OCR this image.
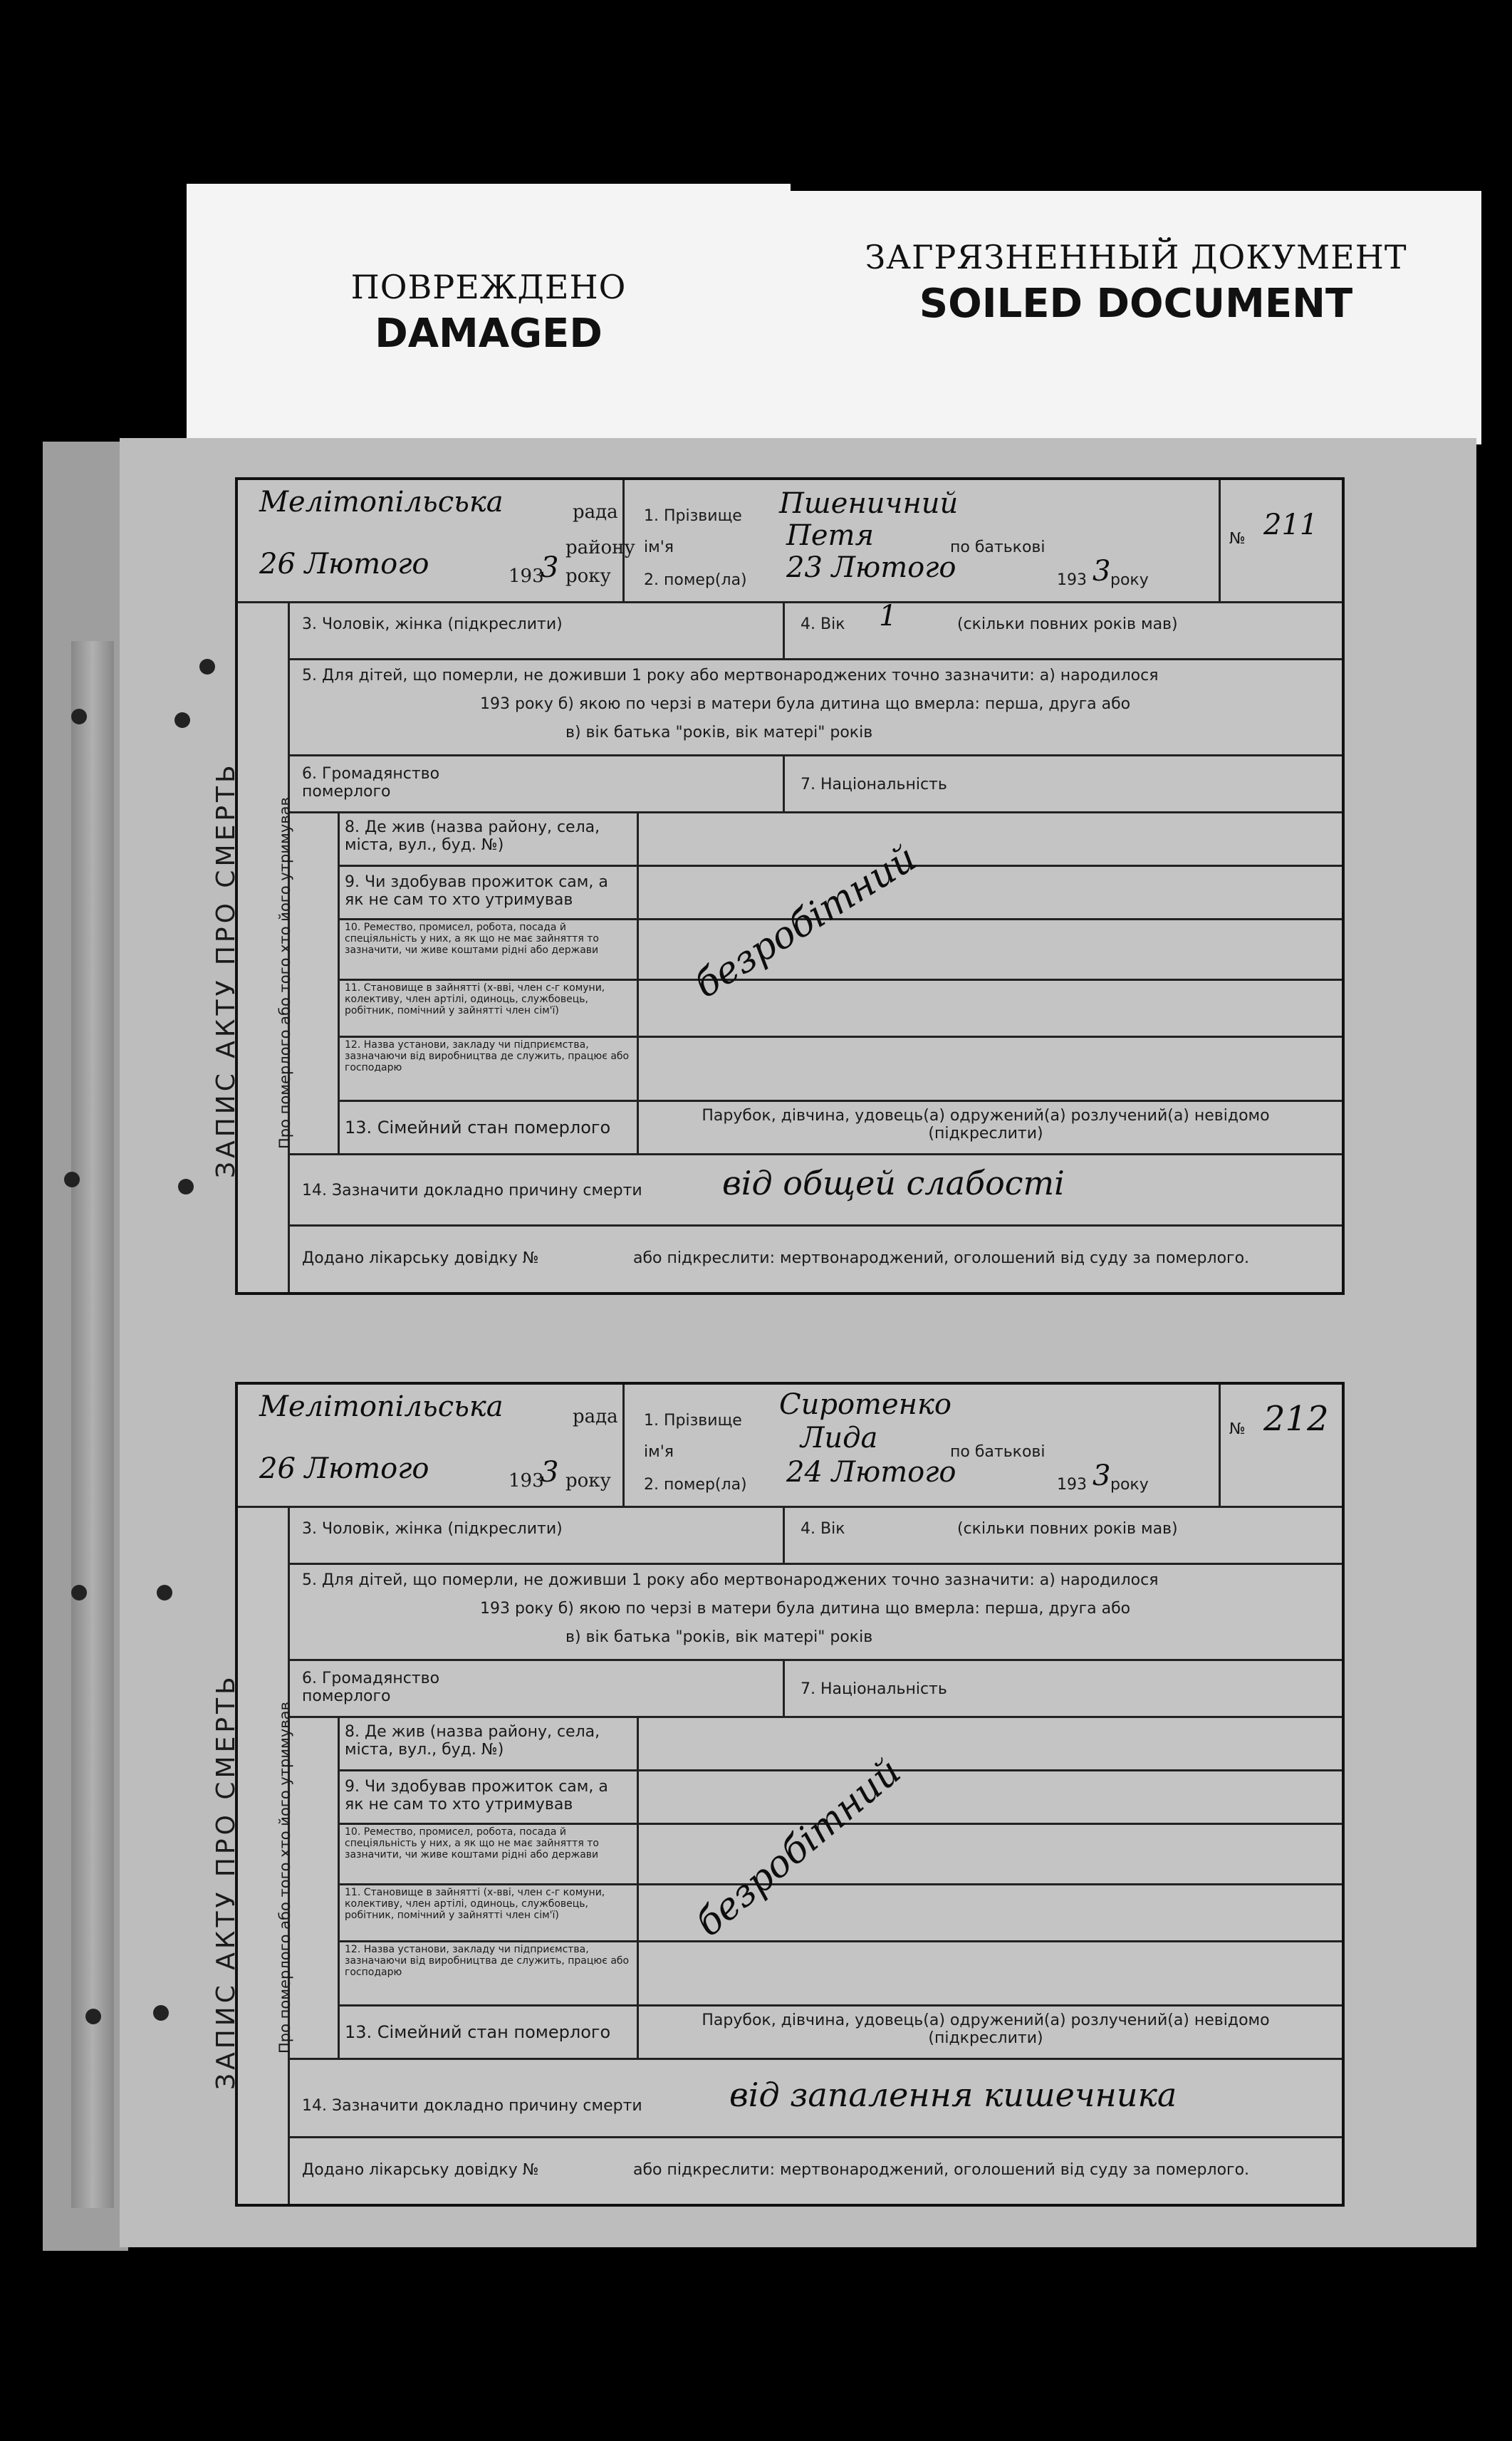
ПОВРЕЖДЕНО
DAMAGED
ЗАГРЯЗНЕННЫЙ ДОКУМЕНТ
SOILED DOCUMENT
Мелітопільська	рада
району
26 Лютого	193
3 року
1. Прізвище Пшеничний
ім'я	Петя	по батькові
2. помер(ла) 23 Лютого	193 3 року
№ 211
ЗАПИС АКТУ ПРО СМЕРТЬ
3. Чоловік, жінка (підкреслити)	4. Вік 1	(скільки повних років мав)
5. Для дітей, що померли, не доживши 1 року або мертвонароджених точно зазначити: а) народилося
193 року б) якою по черзі в матери була дитина що вмерла: перша, друга або
в) вік батька "років, вік матері" років
6. Громадянство померлого	7. Національність
Про померлого або того хто його утримував	8. Де жив (назва району, села, міста, вул., буд. №)
9. Чи здобував прожиток сам, а як не сам то хто утримував
10. Ремество, промисел, робота, посада й спеціяльність у них, а як що не має зайняття то зазначити, чи живе коштами рідні або держави
11. Становище в зайнятті (х-вві, член с-г комуни, колективу, член артілі, одиноць, службовець, робітник, помічний у зайнятті член сім'ї)
12. Назва установи, закладу чи підприємства, зазначаючи від виробництва де служить, працює або господарю
безробітний
13. Сімейний стан померлого
Парубок, дівчина, удовець(а) одружений(а) розлучений(а) невідомо (підкреслити)
14. Зазначити докладно причину смерти від общей слабості
Додано лікарську довідку №	або підкреслити: мертвонароджений, оголошений від суду за померлого.
Мелітопільська	рада
26 Лютого	193
3 року
1. Прізвище Сиротенко
ім'я	Лида	по батькові
2. помер(ла) 24 Лютого	193 3 року
№ 212
ЗАПИС АКТУ ПРО СМЕРТЬ
3. Чоловік, жінка (підкреслити)	4. Вік	(скільки повних років мав)
5. Для дітей, що померли, не доживши 1 року або мертвонароджених точно зазначити: а) народилося
193 року б) якою по черзі в матери була дитина що вмерла: перша, друга або
в) вік батька "років, вік матері" років
6. Громадянство померлого	7. Національність
Про померлого або того хто його утримував	8. Де жив (назва району, села, міста, вул., буд. №)
9. Чи здобував прожиток сам, а як не сам то хто утримував
10. Ремество, промисел, робота, посада й спеціяльність у них, а як що не має зайняття то зазначити, чи живе коштами рідні або держави
11. Становище в зайнятті (х-вві, член с-г комуни, колективу, член артілі, одиноць, службовець, робітник, помічний у зайнятті член сім'ї)
12. Назва установи, закладу чи підприємства, зазначаючи від виробництва де служить, працює або господарю
безробітний
13. Сімейний стан померлого
Парубок, дівчина, удовець(а) одружений(а) розлучений(а) невідомо (підкреслити)
14. Зазначити докладно причину смерти	від запалення кишечника
Додано лікарську довідку №	або підкреслити: мертвонароджений, оголошений від суду за померлого.
